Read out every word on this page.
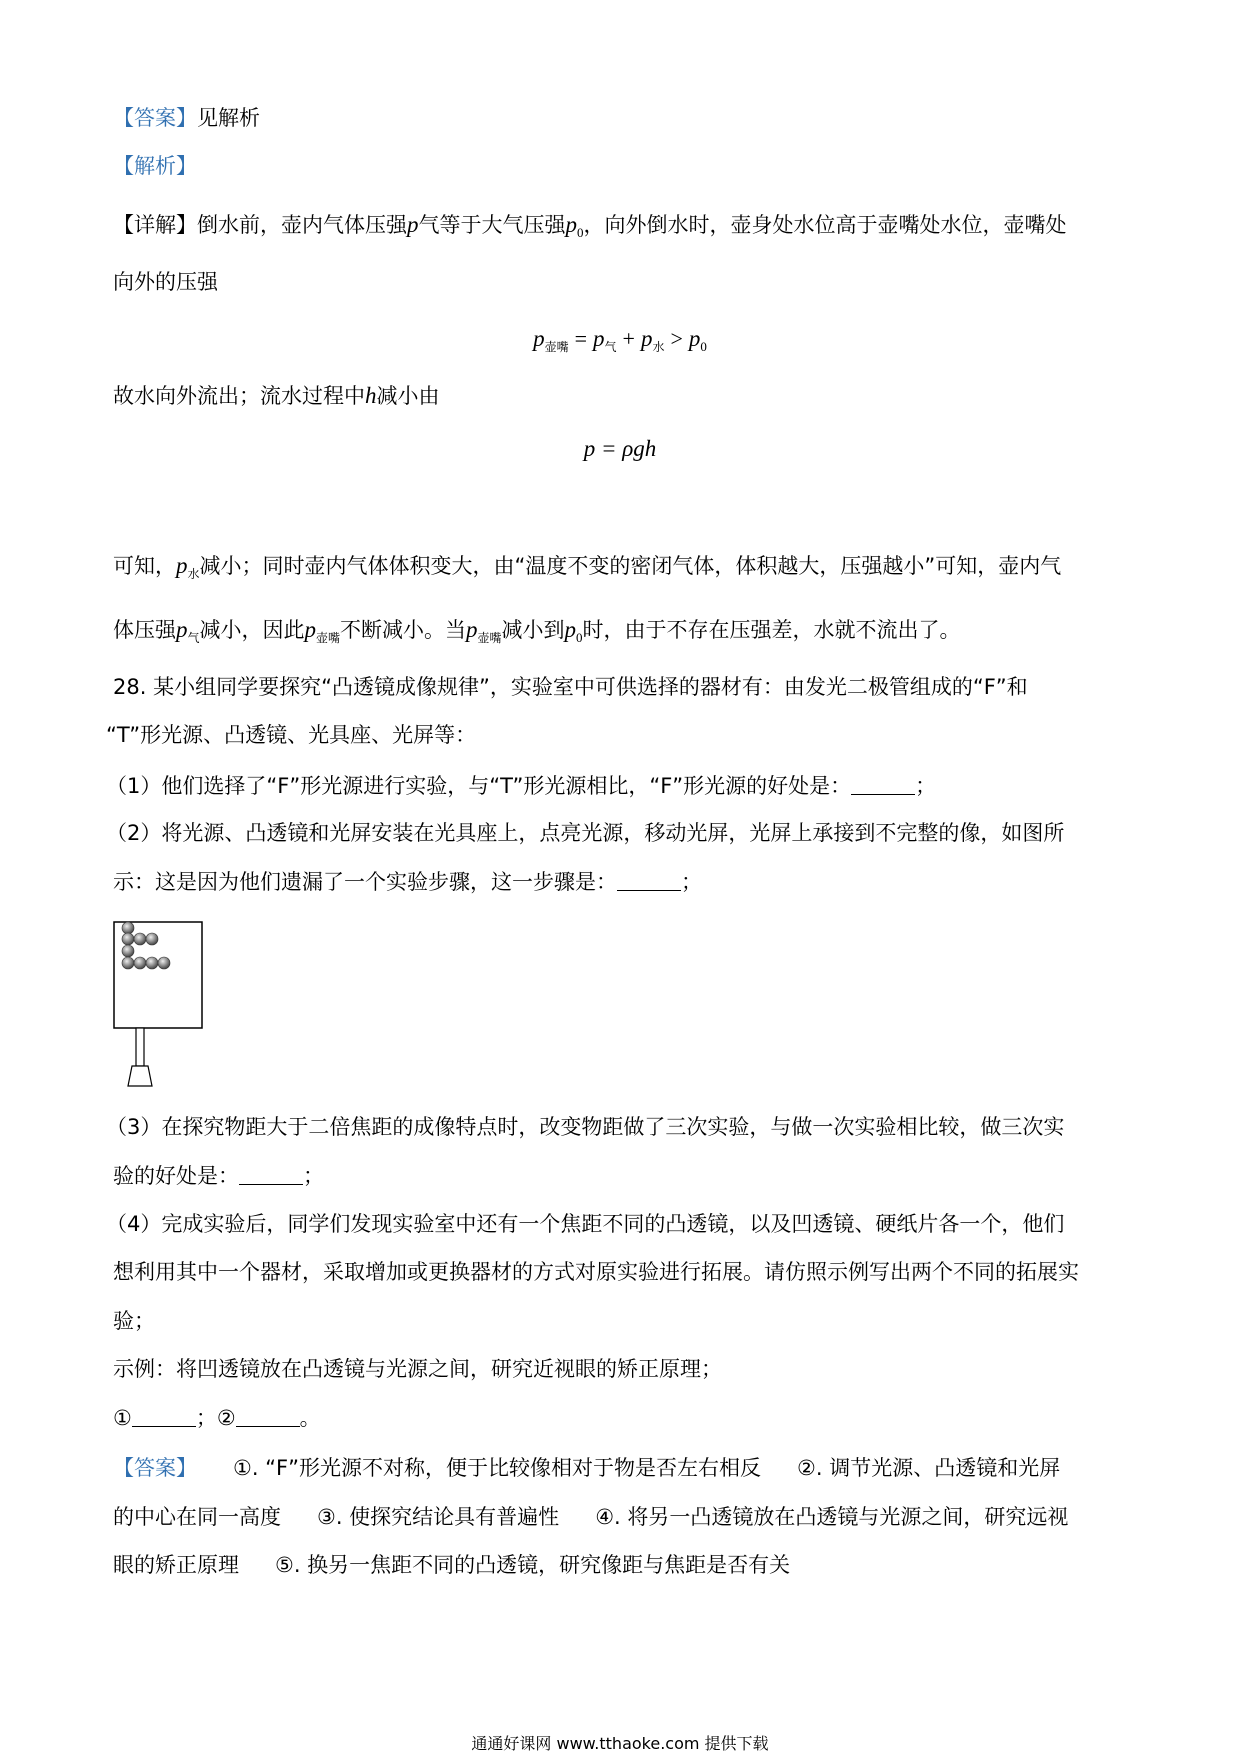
【答案】见解析
【解析】
【详解】倒水前，壶内气体压强p气等于大气压强$p_0$，向外倒水时，壶身处水位高于壶嘴处水位，壶嘴处
向外的压强
$p_{壶嘴} = p_气 + p_水 > p_0$
故水向外流出；流水过程中h减小由
p = ρgh
可知，$p_水$减小；同时壶内气体体积变大，由“温度不变的密闭气体，体积越大，压强越小”可知，壶内气
体压强$p_气$减小，因此$p_{壶嘴}$不断减小。当$p_{壶嘴}$减小到$p_0$时，由于不存在压强差，水就不流出了。
28. 某小组同学要探究“凸透镜成像规律”，实验室中可供选择的器材有：由发光二极管组成的“F”和
“T”形光源、凸透镜、光具座、光屏等：
（1）他们选择了“F”形光源进行实验，与“T”形光源相比，“F”形光源的好处是：	；
（2）将光源、凸透镜和光屏安装在光具座上，点亮光源，移动光屏，光屏上承接到不完整的像，如图所
示：这是因为他们遗漏了一个实验步骤，这一步骤是：	；
（3）在探究物距大于二倍焦距的成像特点时，改变物距做了三次实验，与做一次实验相比较，做三次实
验的好处是：	；
（4）完成实验后，同学们发现实验室中还有一个焦距不同的凸透镜，以及凹透镜、硬纸片各一个，他们
想利用其中一个器材，采取增加或更换器材的方式对原实验进行拓展。请仿照示例写出两个不同的拓展实
验；
示例：将凹透镜放在凸透镜与光源之间，研究近视眼的矫正原理；
①	；②	。
【答案】 ①. “F”形光源不对称，便于比较像相对于物是否左右相反 ②. 调节光源、凸透镜和光屏
的中心在同一高度 ③. 使探究结论具有普遍性 ④. 将另一凸透镜放在凸透镜与光源之间，研究远视
眼的矫正原理 ⑤. 换另一焦距不同的凸透镜，研究像距与焦距是否有关
通通好课网 www.tthaoke.com 提供下载
